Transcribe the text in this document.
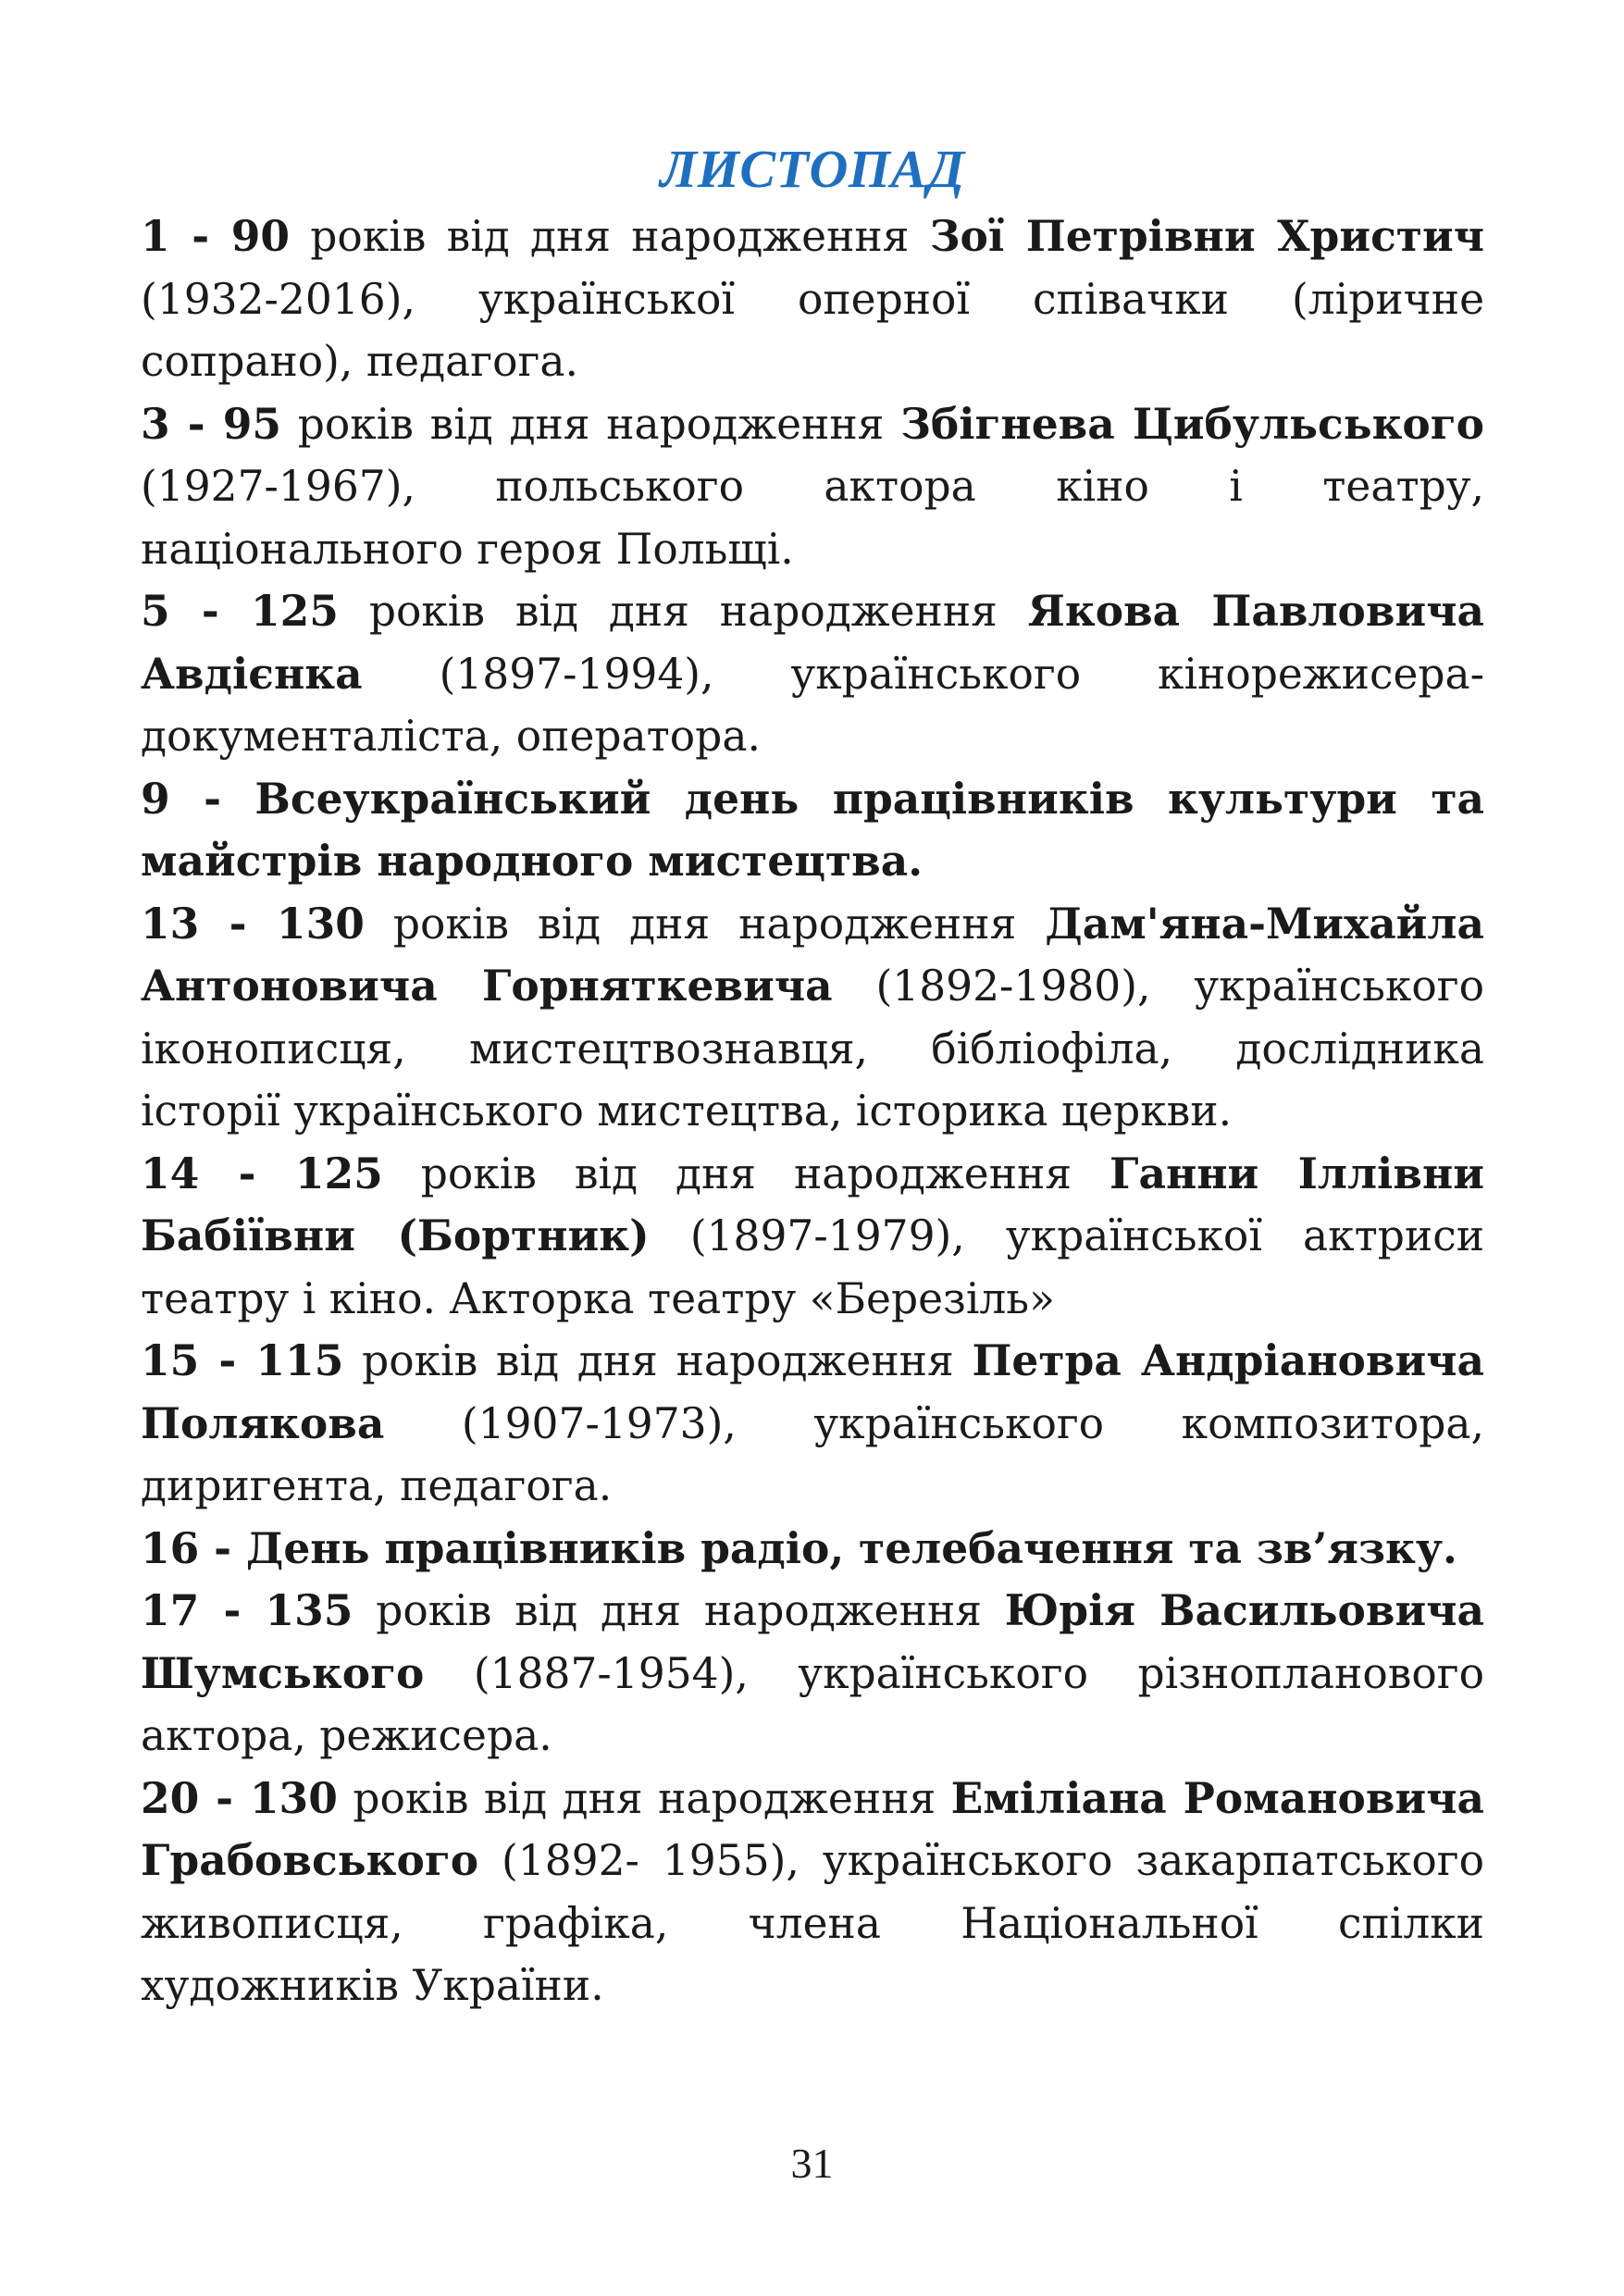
ЛИСТОПАД

1 - 90 років від дня народження Зої Петрівни Христич (1932-2016), української оперної співачки (ліричне сопрано), педагога.

3 - 95 років від дня народження Збігнева Цибульського (1927-1967), польського актора кіно і театру, національного героя Польщі.

5 - 125 років від дня народження Якова Павловича Авдієнка (1897-1994), українського кінорежисера-документаліста, оператора.

9 - Всеукраїнський день працівників культури та майстрів народного мистецтва.

13 - 130 років від дня народження Дам'яна-Михайла Антоновича Горняткевича (1892-1980), українського іконописця, мистецтвознавця, бібліофіла, дослідника історії українського мистецтва, історика церкви.

14 - 125 років від дня народження Ганни Іллівни Бабіївни (Бортник) (1897-1979), української актриси театру і кіно. Акторка театру «Березіль»

15 - 115 років від дня народження Петра Андріановича Полякова (1907-1973), українського композитора, диригента, педагога.

16 - День працівників радіо, телебачення та зв’язку.

17 - 135 років від дня народження Юрія Васильовича Шумського (1887-1954), українського різнопланового актора, режисера.

20 - 130 років від дня народження Еміліана Романовича Грабовського (1892- 1955), українського закарпатського живописця, графіка, члена Національної спілки художників України.

31
